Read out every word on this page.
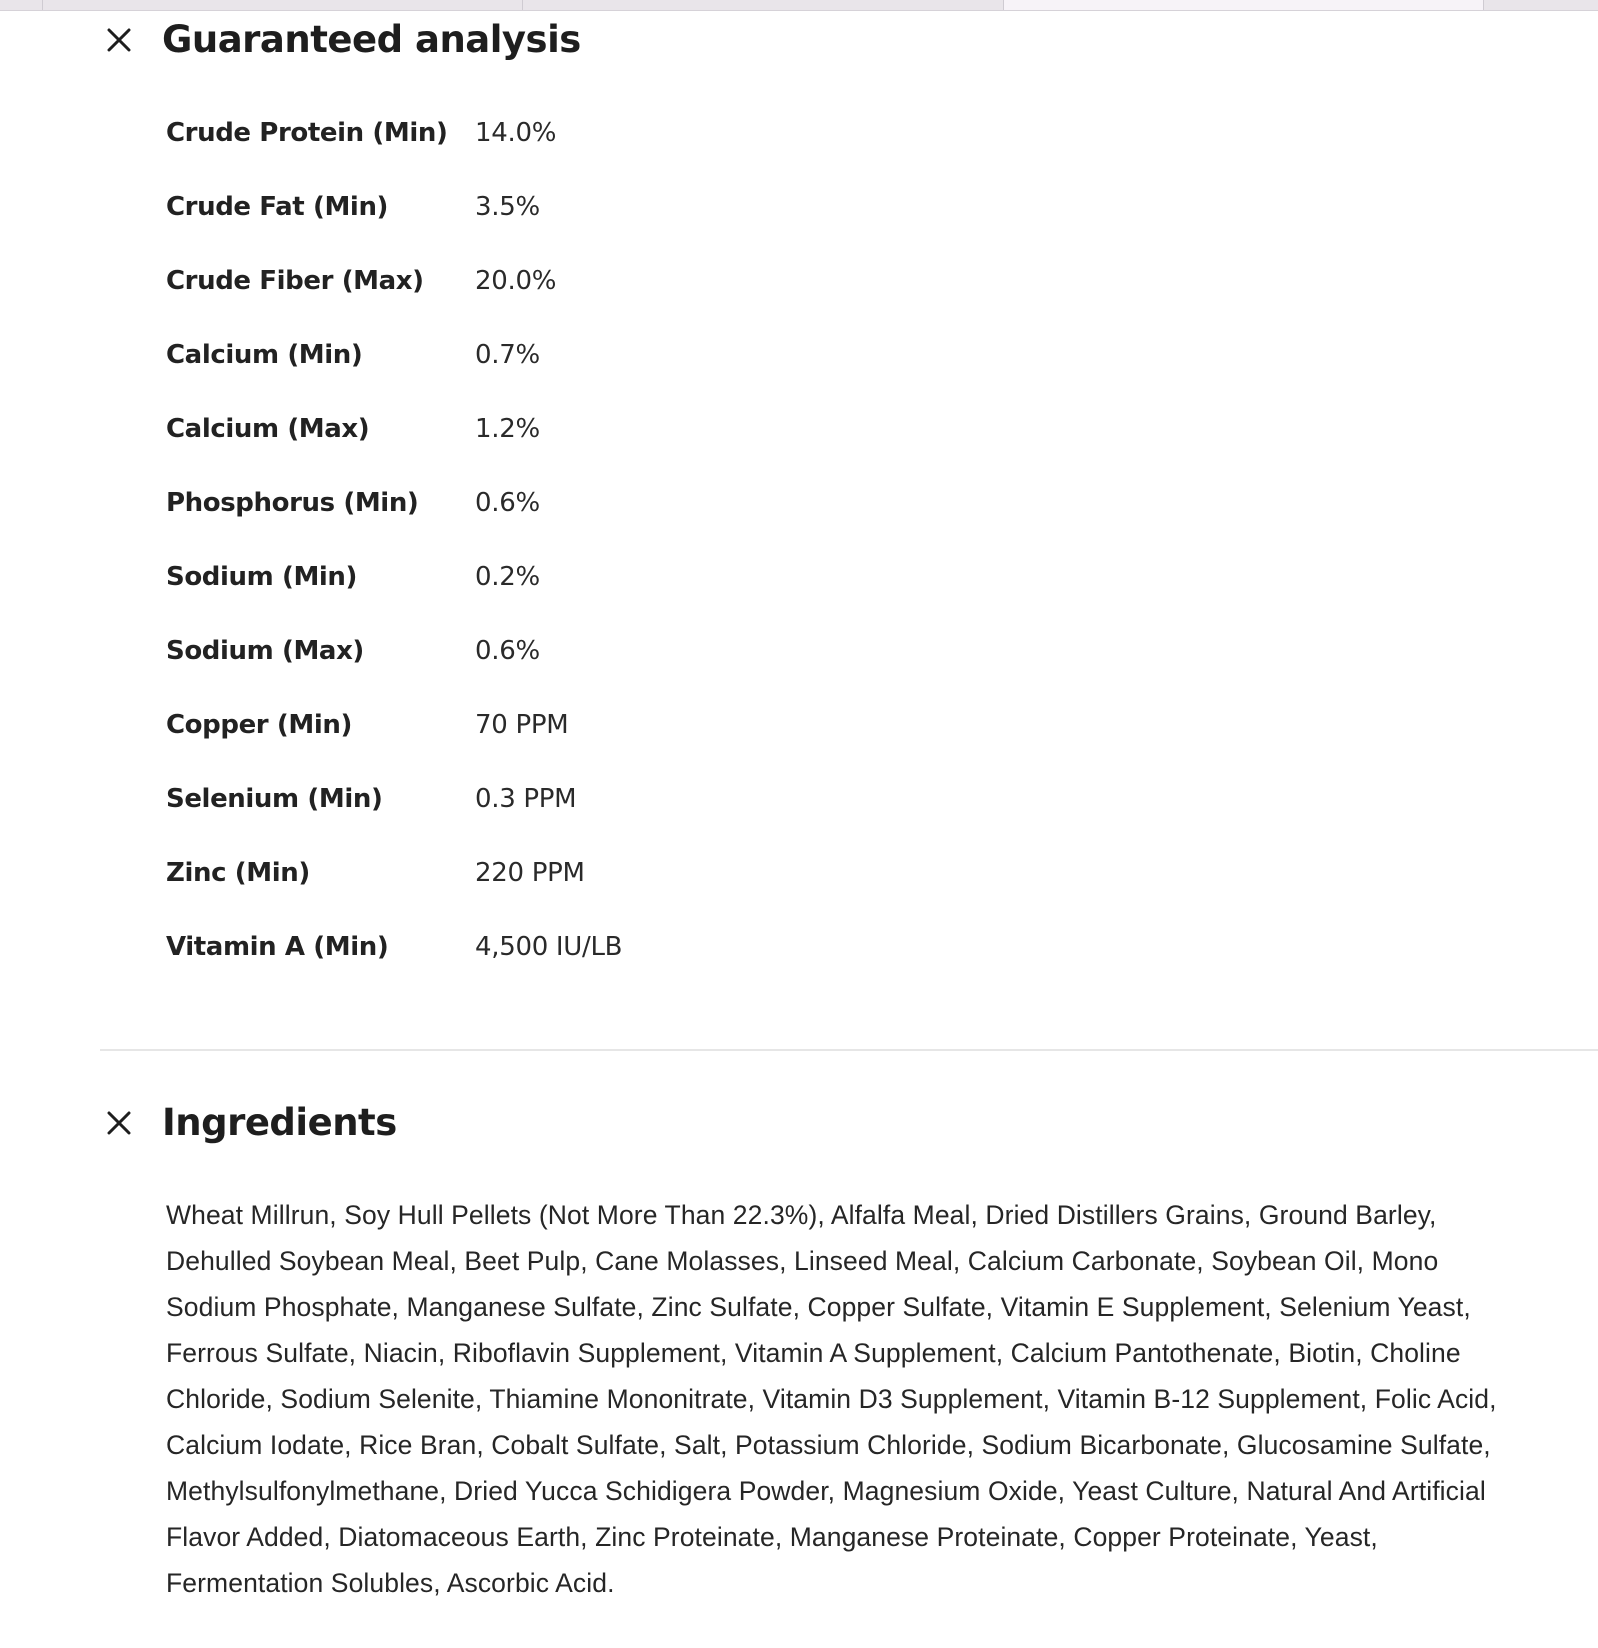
Guaranteed analysis
Crude Protein (Min)	14.0%
Crude Fat (Min)	3.5%
Crude Fiber (Max)	20.0%
Calcium (Min)	0.7%
Calcium (Max)	1.2%
Phosphorus (Min)	0.6%
Sodium (Min)	0.2%
Sodium (Max)	0.6%
Copper (Min)	70 PPM
Selenium (Min)	0.3 PPM
Zinc (Min)	220 PPM
Vitamin A (Min)	4,500 IU/LB
Ingredients

Wheat Millrun, Soy Hull Pellets (Not More Than 22.3%), Alfalfa Meal, Dried Distillers Grains, Ground Barley, Dehulled Soybean Meal, Beet Pulp, Cane Molasses, Linseed Meal, Calcium Carbonate, Soybean Oil, Mono Sodium Phosphate, Manganese Sulfate, Zinc Sulfate, Copper Sulfate, Vitamin E Supplement, Selenium Yeast, Ferrous Sulfate, Niacin, Riboflavin Supplement, Vitamin A Supplement, Calcium Pantothenate, Biotin, Choline Chloride, Sodium Selenite, Thiamine Mononitrate, Vitamin D3 Supplement, Vitamin B-12 Supplement, Folic Acid, Calcium Iodate, Rice Bran, Cobalt Sulfate, Salt, Potassium Chloride, Sodium Bicarbonate, Glucosamine Sulfate, Methylsulfonylmethane, Dried Yucca Schidigera Powder, Magnesium Oxide, Yeast Culture, Natural And Artificial Flavor Added, Diatomaceous Earth, Zinc Proteinate, Manganese Proteinate, Copper Proteinate, Yeast, Fermentation Solubles, Ascorbic Acid.
